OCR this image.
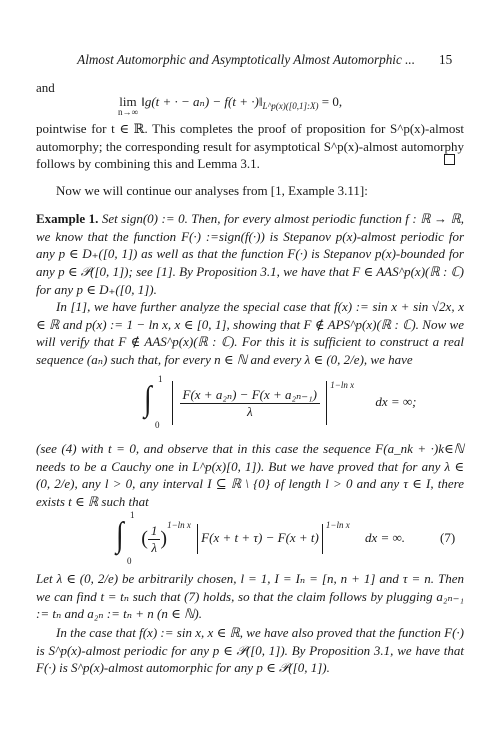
Almost Automorphic and Asymptotically Almost Automorphic ... 15

and

lim
n→∞
‖g(t + · − $a_n) - f(t + \cdot)‖_{L\^{}p(x)([0,1]:X)} = 0$,

pointwise for t ∈ ℝ. This completes the proof of proposition for S^p(x)-almost automorphy; the corresponding result for asymptotical S^p(x)-almost automorphy follows by combining this and Lemma 3.1.

Now we will continue our analyses from [1, Example 3.11]:

Example 1. Set sign(0) := 0. Then, for every almost periodic function f : ℝ → ℝ, we know that the function F(·) :=sign(f(·)) is Stepanov p(x)-almost periodic for any p ∈ D₊([0, 1]) as well as that the function F(·) is Stepanov p(x)-bounded for any p ∈ 𝒫([0, 1]); see [1]. By Proposition 3.1, we have that F ∈ AAS^p(x)(ℝ : ℂ) for any p ∈ D₊([0, 1]).

In [1], we have further analyze the special case that f(x) := sin x + sin √2x, x ∈ ℝ and p(x) := 1 − ln x, x ∈ [0, 1], showing that F ∉ APS^p(x)(ℝ : ℂ). Now we will verify that F ∉ AAS^p(x)(ℝ : ℂ). For this it is sufficient to construct a real sequence (aₙ) such that, for every n ∈ ℕ and every λ ∈ (0, 2/e), we have

∫
1
0

$\frac{\text{F(x + a₂ₙ) − F(x + a₂ₙ₋₁)}}{\lambda}$
$^{1-ln x}$ dx = ∞;

(see (4) with t = 0, and observe that in this case the sequence F(a_nk + ·)k∈ℕ needs to be a Cauchy one in L^p(x)[0, 1]). But we have proved that for any λ ∈ (0, 2/e), any l > 0, any interval I ⊆ ℝ \ {0} of length l > 0 and any τ ∈ I, there exists t ∈ ℝ such that

∫
1
0
( $\frac{1}{\lambda} )^{1-ln x}$ $F(x + t + \tau) - F(x + t)^{1-ln x}$ dx = ∞.	(7)

Let λ ∈ (0, 2/e) be arbitrarily chosen, l = 1, I = Iₙ = [n, n + 1] and τ = n. Then we can find t = tₙ such that (7) holds, so that the claim follows by plugging a₂ₙ₋₁ := tₙ and a₂ₙ := tₙ + n (n ∈ ℕ).

In the case that f(x) := sin x, x ∈ ℝ, we have also proved that the function F(·) is S^p(x)-almost periodic for any p ∈ 𝒫([0, 1]). By Proposition 3.1, we have that F(·) is S^p(x)-almost automorphic for any p ∈ 𝒫([0, 1]).
